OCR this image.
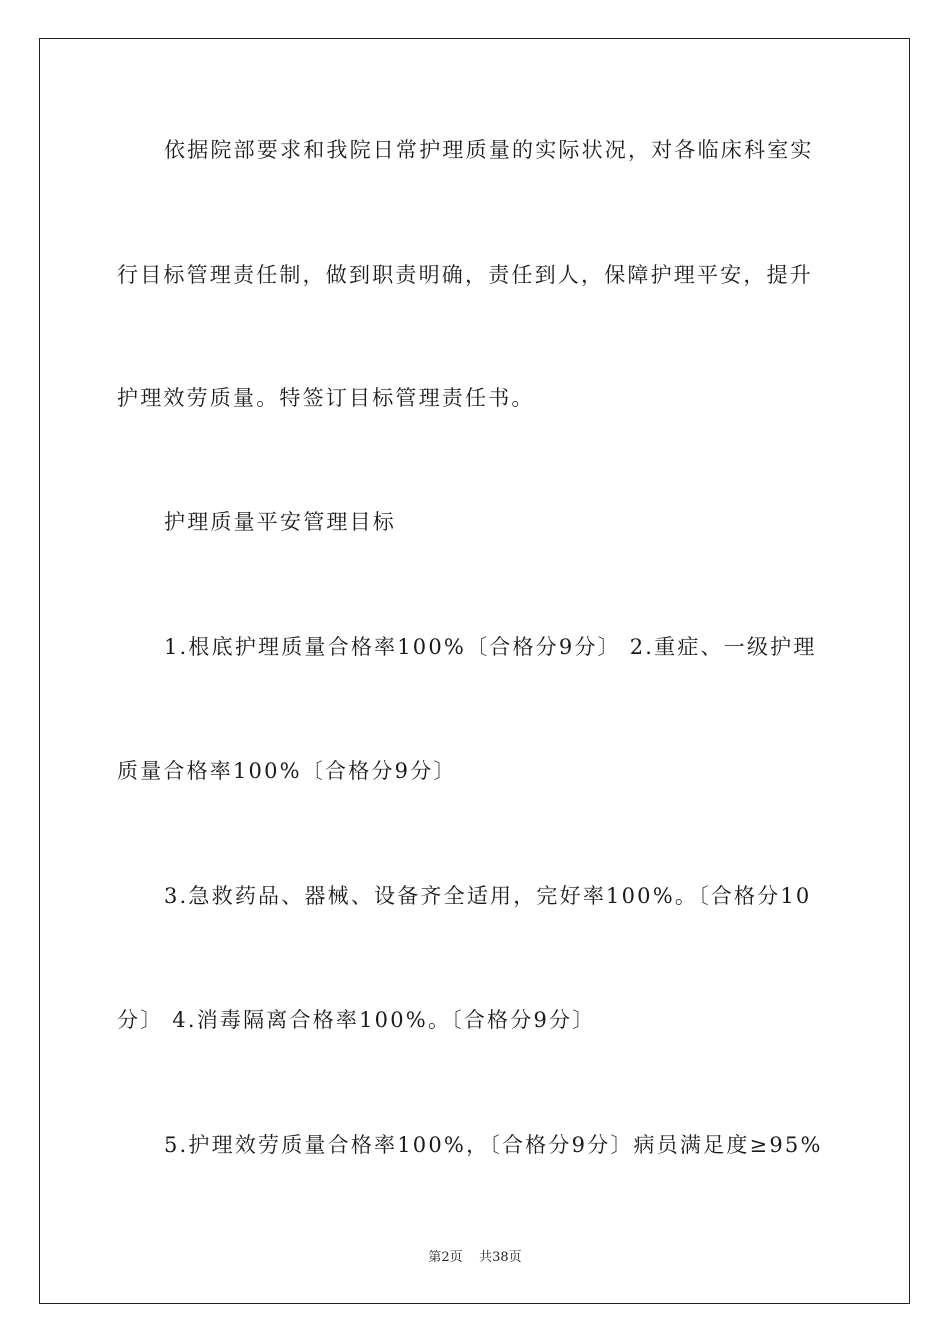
依据院部要求和我院日常护理质量的实际状况，对各临床科室实
行目标管理责任制，做到职责明确，责任到人，保障护理平安，提升
护理效劳质量。特签订目标管理责任书。
护理质量平安管理目标
1.根底护理质量合格率100%〔合格分9分〕 2.重症、一级护理
质量合格率100%〔合格分9分〕
3.急救药品、器械、设备齐全适用，完好率100%。〔合格分10
分〕 4.消毒隔离合格率100%。〔合格分9分〕
5.护理效劳质量合格率100%，〔合格分9分〕病员满足度≥95%
第2页    共38页
